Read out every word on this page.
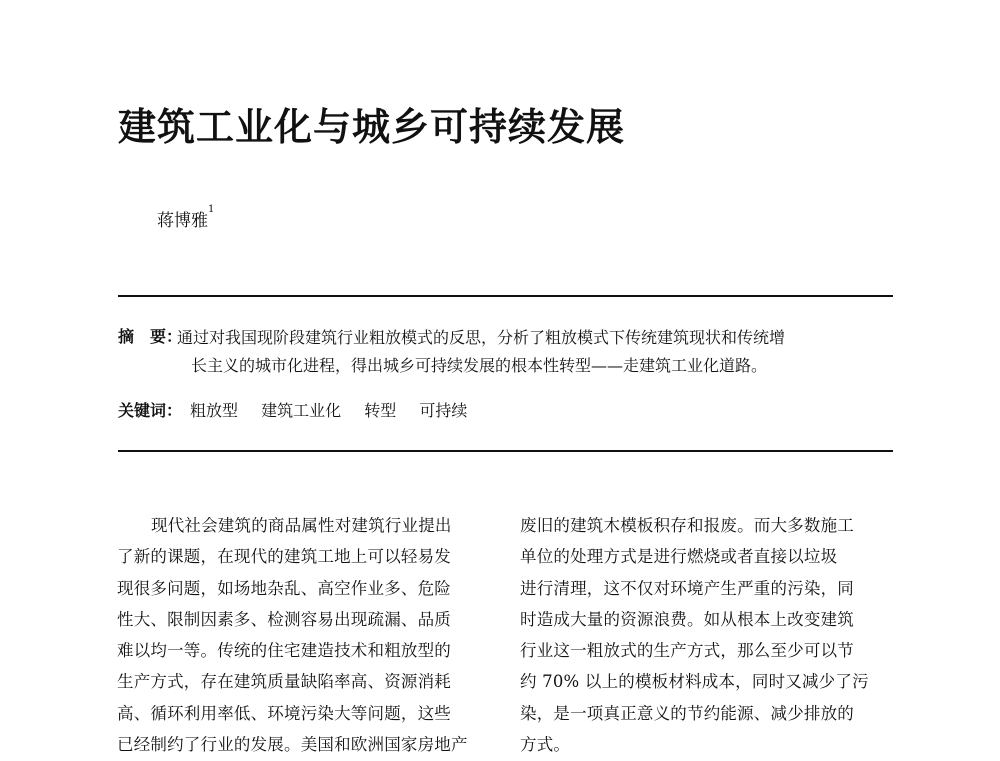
建筑工业化与城乡可持续发展
蒋博雅$^1$
摘　要：
通过对我国现阶段建筑行业粗放模式的反思，分析了粗放模式下传统建筑现状和传统增
长主义的城市化进程，得出城乡可持续发展的根本性转型——走建筑工业化道路。
关键词： 粗放型 建筑工业化 转型 可持续
现代社会建筑的商品属性对建筑行业提出
了新的课题，在现代的建筑工地上可以轻易发
现很多问题，如场地杂乱、高空作业多、危险
性大、限制因素多、检测容易出现疏漏、品质
难以均一等。传统的住宅建造技术和粗放型的
生产方式，存在建筑质量缺陷率高、资源消耗
高、循环利用率低、环境污染大等问题，这些
已经制约了行业的发展。美国和欧洲国家房地产
废旧的建筑木模板积存和报废。而大多数施工
单位的处理方式是进行燃烧或者直接以垃圾
进行清理，这不仅对环境产生严重的污染，同
时造成大量的资源浪费。如从根本上改变建筑
行业这一粗放式的生产方式，那么至少可以节
约 70% 以上的模板材料成本，同时又减少了污
染，是一项真正意义的节约能源、减少排放的
方式。
